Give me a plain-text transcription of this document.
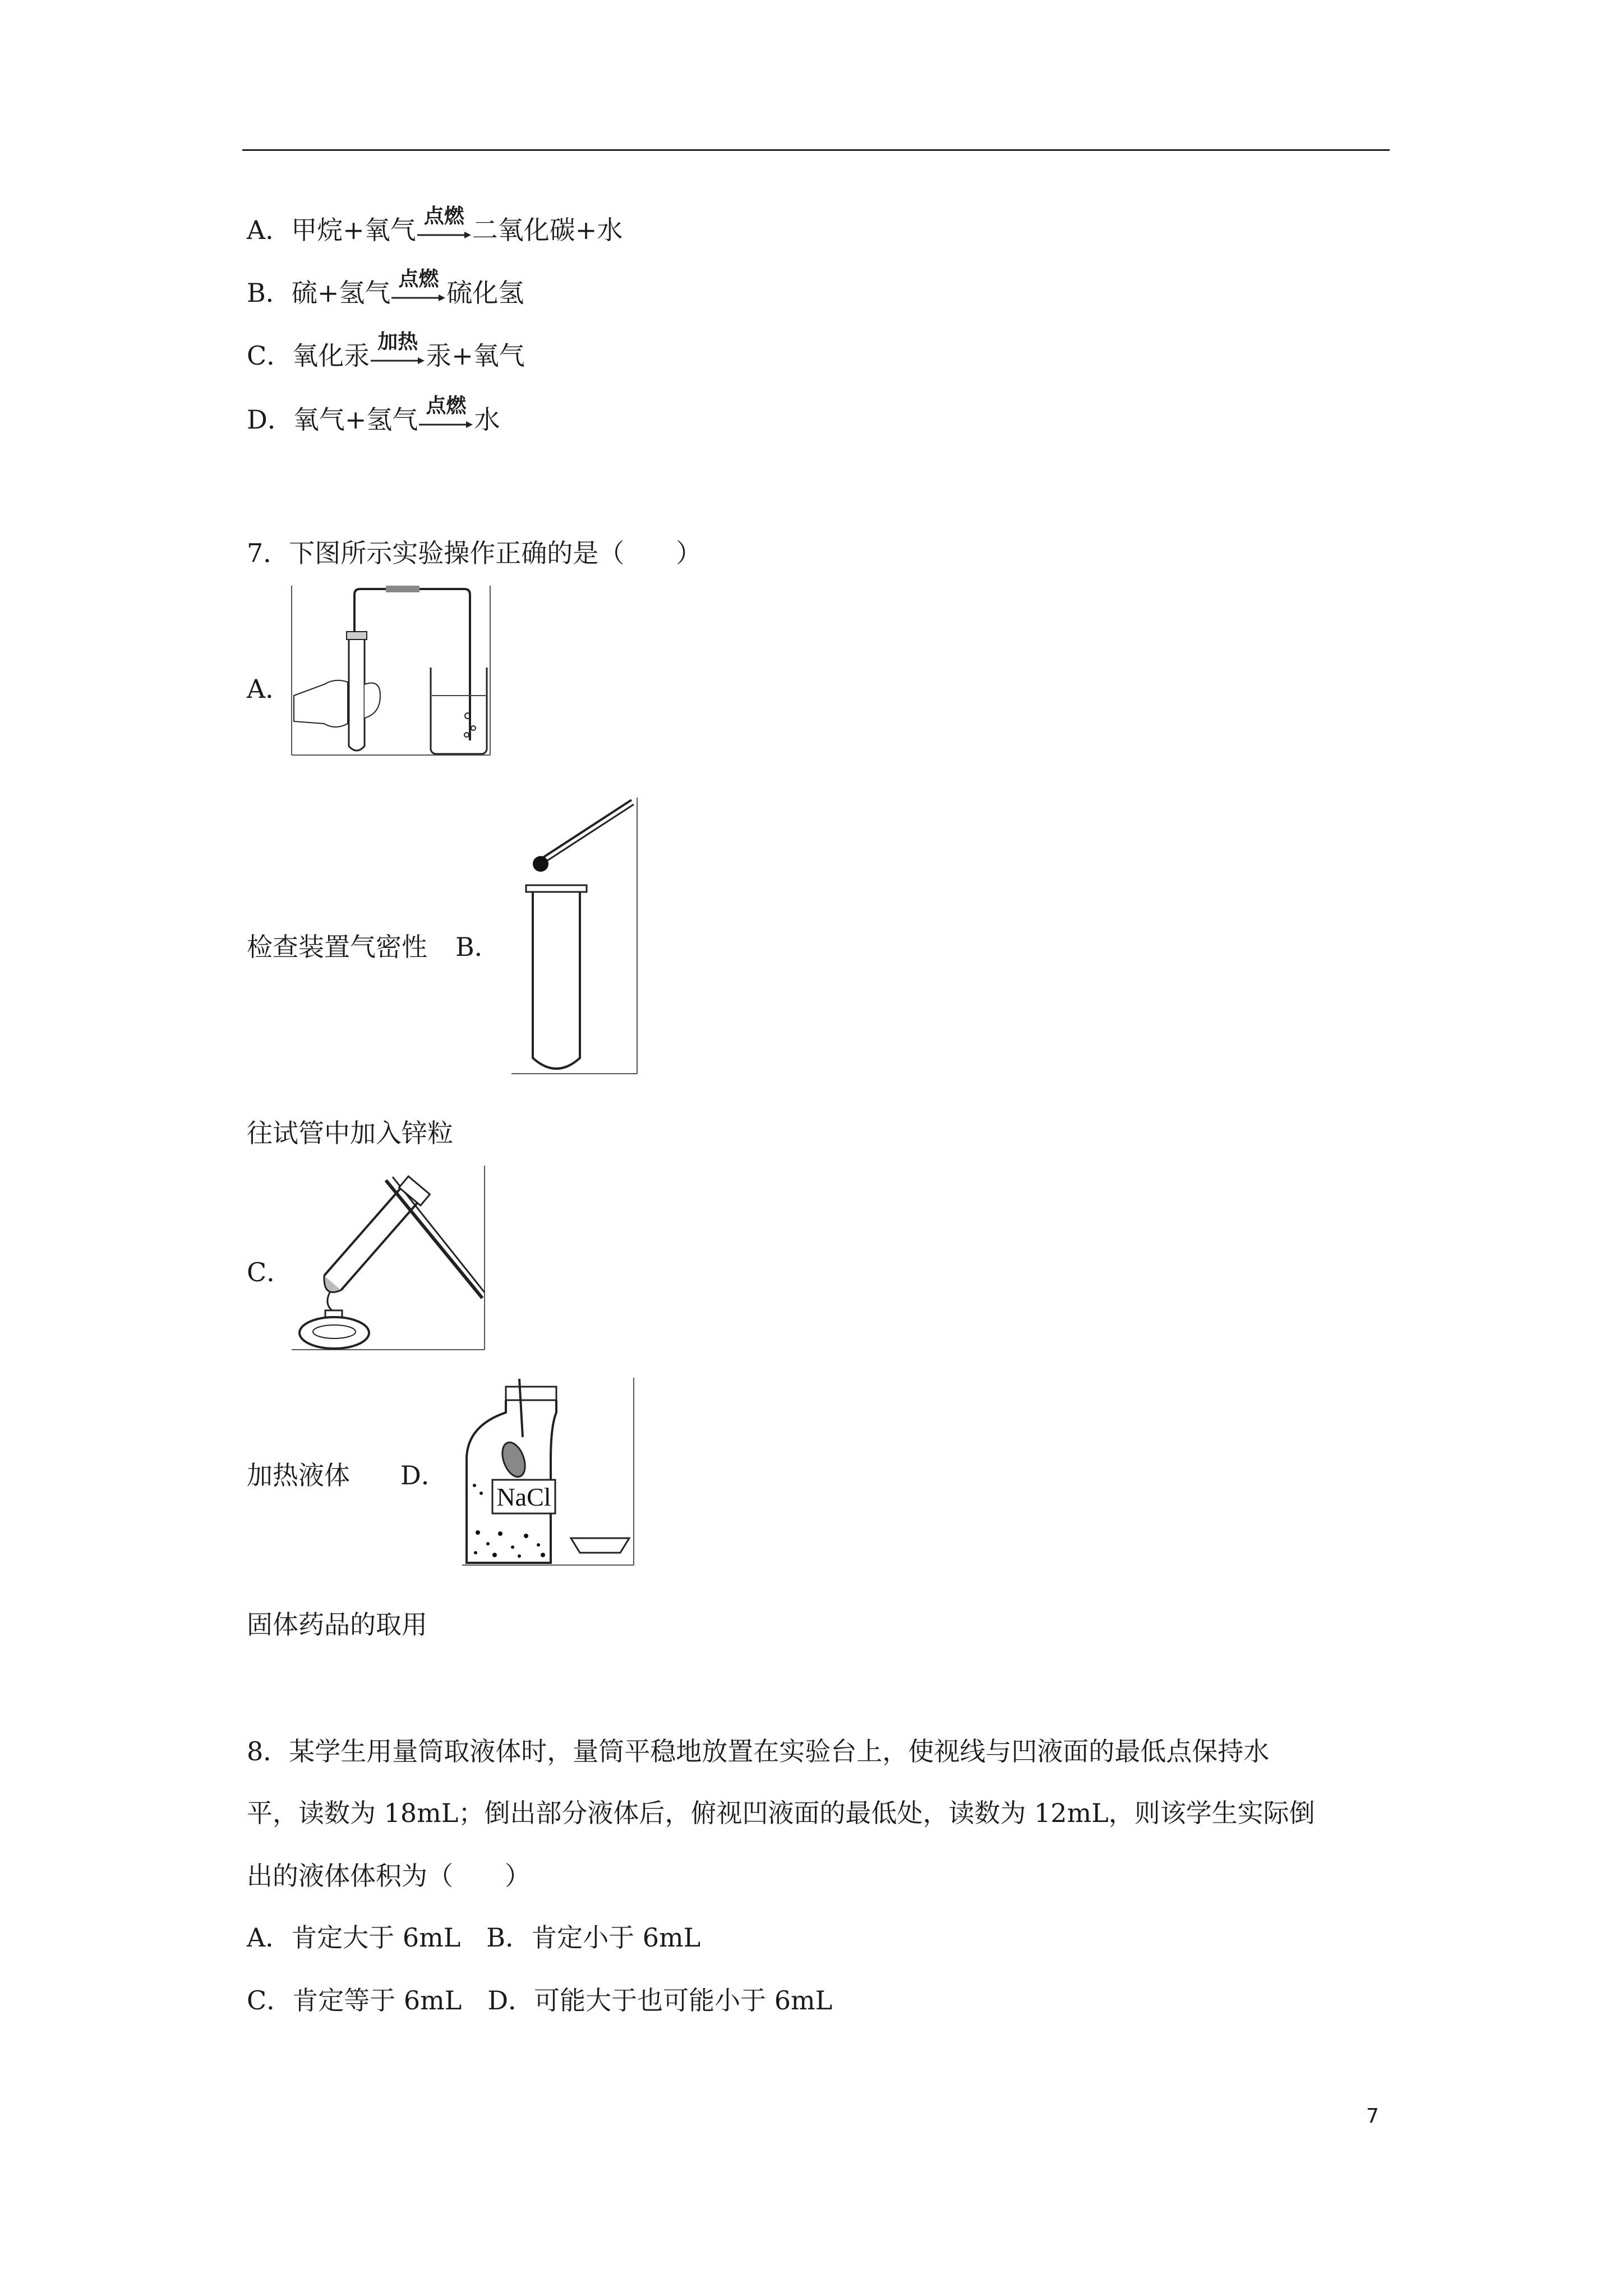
A．甲烷+氧气 点燃 二氧化碳+水
B．硫+氢气 点燃 硫化氢
C．氧化汞 加热 汞+氧气
D．氧气+氢气 点燃 水
7．下图所示实验操作正确的是（　　）
A．
检查装置气密性 B．
往试管中加入锌粒
C．
加热液体 D．
NaCl
固体药品的取用
8．某学生用量筒取液体时，量筒平稳地放置在实验台上，使视线与凹液面的最低点保持水
平，读数为 18mL；倒出部分液体后，俯视凹液面的最低处，读数为 12mL，则该学生实际倒
出的液体体积为（　　）
A．肯定大于 6mL　B．肯定小于 6mL
C．肯定等于 6mL　D．可能大于也可能小于 6mL
7
